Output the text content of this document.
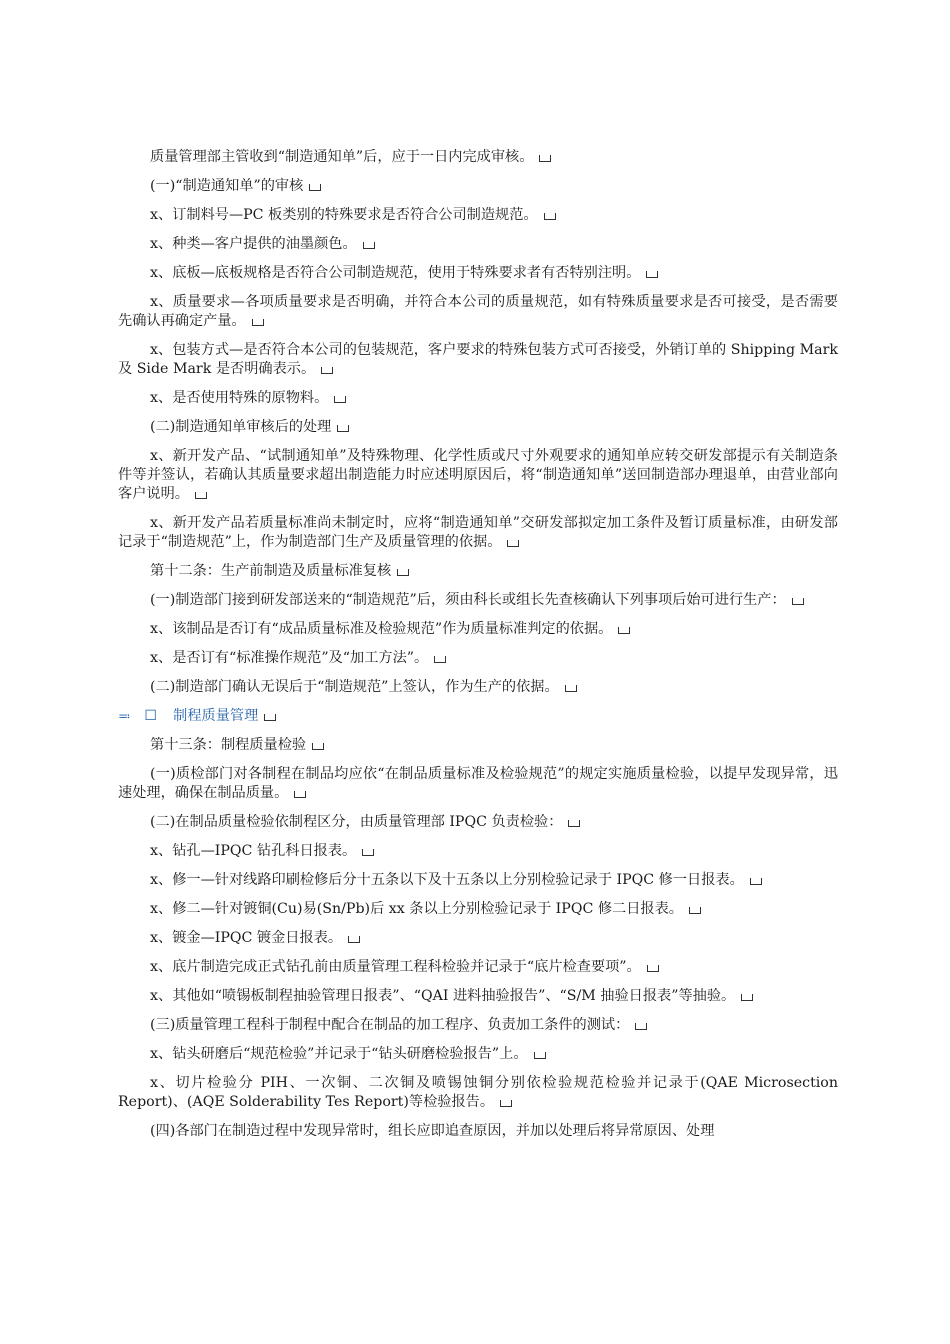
质量管理部主管收到“制造通知单”后，应于一日内完成审核。

(一)“制造通知单”的审核

x、订制料号—PC 板类别的特殊要求是否符合公司制造规范。

x、种类—客户提供的油墨颜色。

x、底板—底板规格是否符合公司制造规范，使用于特殊要求者有否特别注明。

x、质量要求—各项质量要求是否明确，并符合本公司的质量规范，如有特殊质量要求是否可接受，是否需要先确认再确定产量。

x、包装方式—是否符合本公司的包装规范，客户要求的特殊包装方式可否接受，外销订单的 Shipping Mark 及 Side Mark 是否明确表示。

x、是否使用特殊的原物料。

(二)制造通知单审核后的处理

x、新开发产品、“试制通知单”及特殊物理、化学性质或尺寸外观要求的通知单应转交研发部提示有关制造条件等并签认，若确认其质量要求超出制造能力时应述明原因后，将“制造通知单”送回制造部办理退单，由营业部向客户说明。

x、新开发产品若质量标准尚未制定时，应将“制造通知单”交研发部拟定加工条件及暂订质量标准，由研发部记录于“制造规范”上，作为制造部门生产及质量管理的依据。

第十二条：生产前制造及质量标准复核

(一)制造部门接到研发部送来的“制造规范”后，须由科长或组长先查核确认下列事项后始可进行生产：

x、该制品是否订有“成品质量标准及检验规范”作为质量标准判定的依据。

x、是否订有“标准操作规范”及“加工方法”。

(二)制造部门确认无误后于“制造规范”上签认，作为生产的依据。

≕ ☐ 制程质量管理

第十三条：制程质量检验

(一)质检部门对各制程在制品均应依“在制品质量标准及检验规范”的规定实施质量检验，以提早发现异常，迅速处理，确保在制品质量。

(二)在制品质量检验依制程区分，由质量管理部 IPQC 负责检验：

x、钻孔—IPQC 钻孔科日报表。

x、修一—针对线路印刷检修后分十五条以下及十五条以上分别检验记录于 IPQC 修一日报表。

x、修二—针对镀铜(Cu)易(Sn/Pb)后 xx 条以上分别检验记录于 IPQC 修二日报表。

x、镀金—IPQC 镀金日报表。

x、底片制造完成正式钻孔前由质量管理工程科检验并记录于“底片检查要项”。

x、其他如“喷锡板制程抽验管理日报表”、“QAI 进料抽验报告”、“S/M 抽验日报表”等抽验。

(三)质量管理工程科于制程中配合在制品的加工程序、负责加工条件的测试：

x、钻头研磨后“规范检验”并记录于“钻头研磨检验报告”上。

x、切片检验分 PIH、一次铜、二次铜及喷锡蚀铜分别依检验规范检验并记录于(QAE Microsection Report)、(AQE Solderability Tes Report)等检验报告。

(四)各部门在制造过程中发现异常时，组长应即追查原因，并加以处理后将异常原因、处理
